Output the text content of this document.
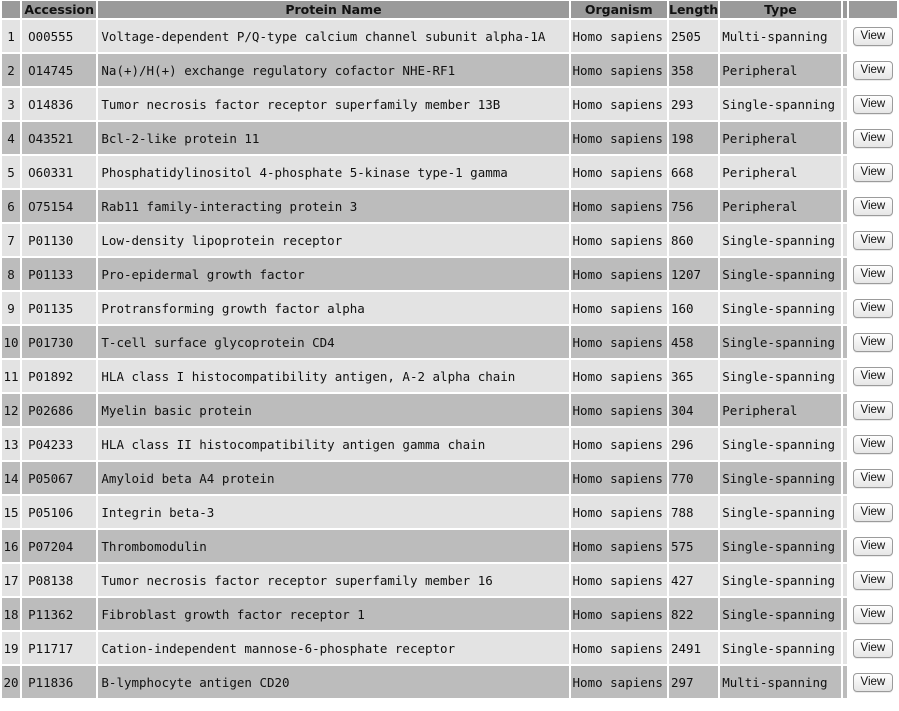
	Accession	Protein Name	Organism	Length	Type		
1	O00555	Voltage-dependent P/Q-type calcium channel subunit alpha-1A	Homo sapiens	2505	Multi-spanning		View
2	O14745	Na(+)/H(+) exchange regulatory cofactor NHE-RF1	Homo sapiens	358	Peripheral		View
3	O14836	Tumor necrosis factor receptor superfamily member 13B	Homo sapiens	293	Single-spanning		View
4	O43521	Bcl-2-like protein 11	Homo sapiens	198	Peripheral		View
5	O60331	Phosphatidylinositol 4-phosphate 5-kinase type-1 gamma	Homo sapiens	668	Peripheral		View
6	O75154	Rab11 family-interacting protein 3	Homo sapiens	756	Peripheral		View
7	P01130	Low-density lipoprotein receptor	Homo sapiens	860	Single-spanning		View
8	P01133	Pro-epidermal growth factor	Homo sapiens	1207	Single-spanning		View
9	P01135	Protransforming growth factor alpha	Homo sapiens	160	Single-spanning		View
10	P01730	T-cell surface glycoprotein CD4	Homo sapiens	458	Single-spanning		View
11	P01892	HLA class I histocompatibility antigen, A-2 alpha chain	Homo sapiens	365	Single-spanning		View
12	P02686	Myelin basic protein	Homo sapiens	304	Peripheral		View
13	P04233	HLA class II histocompatibility antigen gamma chain	Homo sapiens	296	Single-spanning		View
14	P05067	Amyloid beta A4 protein	Homo sapiens	770	Single-spanning		View
15	P05106	Integrin beta-3	Homo sapiens	788	Single-spanning		View
16	P07204	Thrombomodulin	Homo sapiens	575	Single-spanning		View
17	P08138	Tumor necrosis factor receptor superfamily member 16	Homo sapiens	427	Single-spanning		View
18	P11362	Fibroblast growth factor receptor 1	Homo sapiens	822	Single-spanning		View
19	P11717	Cation-independent mannose-6-phosphate receptor	Homo sapiens	2491	Single-spanning		View
20	P11836	B-lymphocyte antigen CD20	Homo sapiens	297	Multi-spanning		View
